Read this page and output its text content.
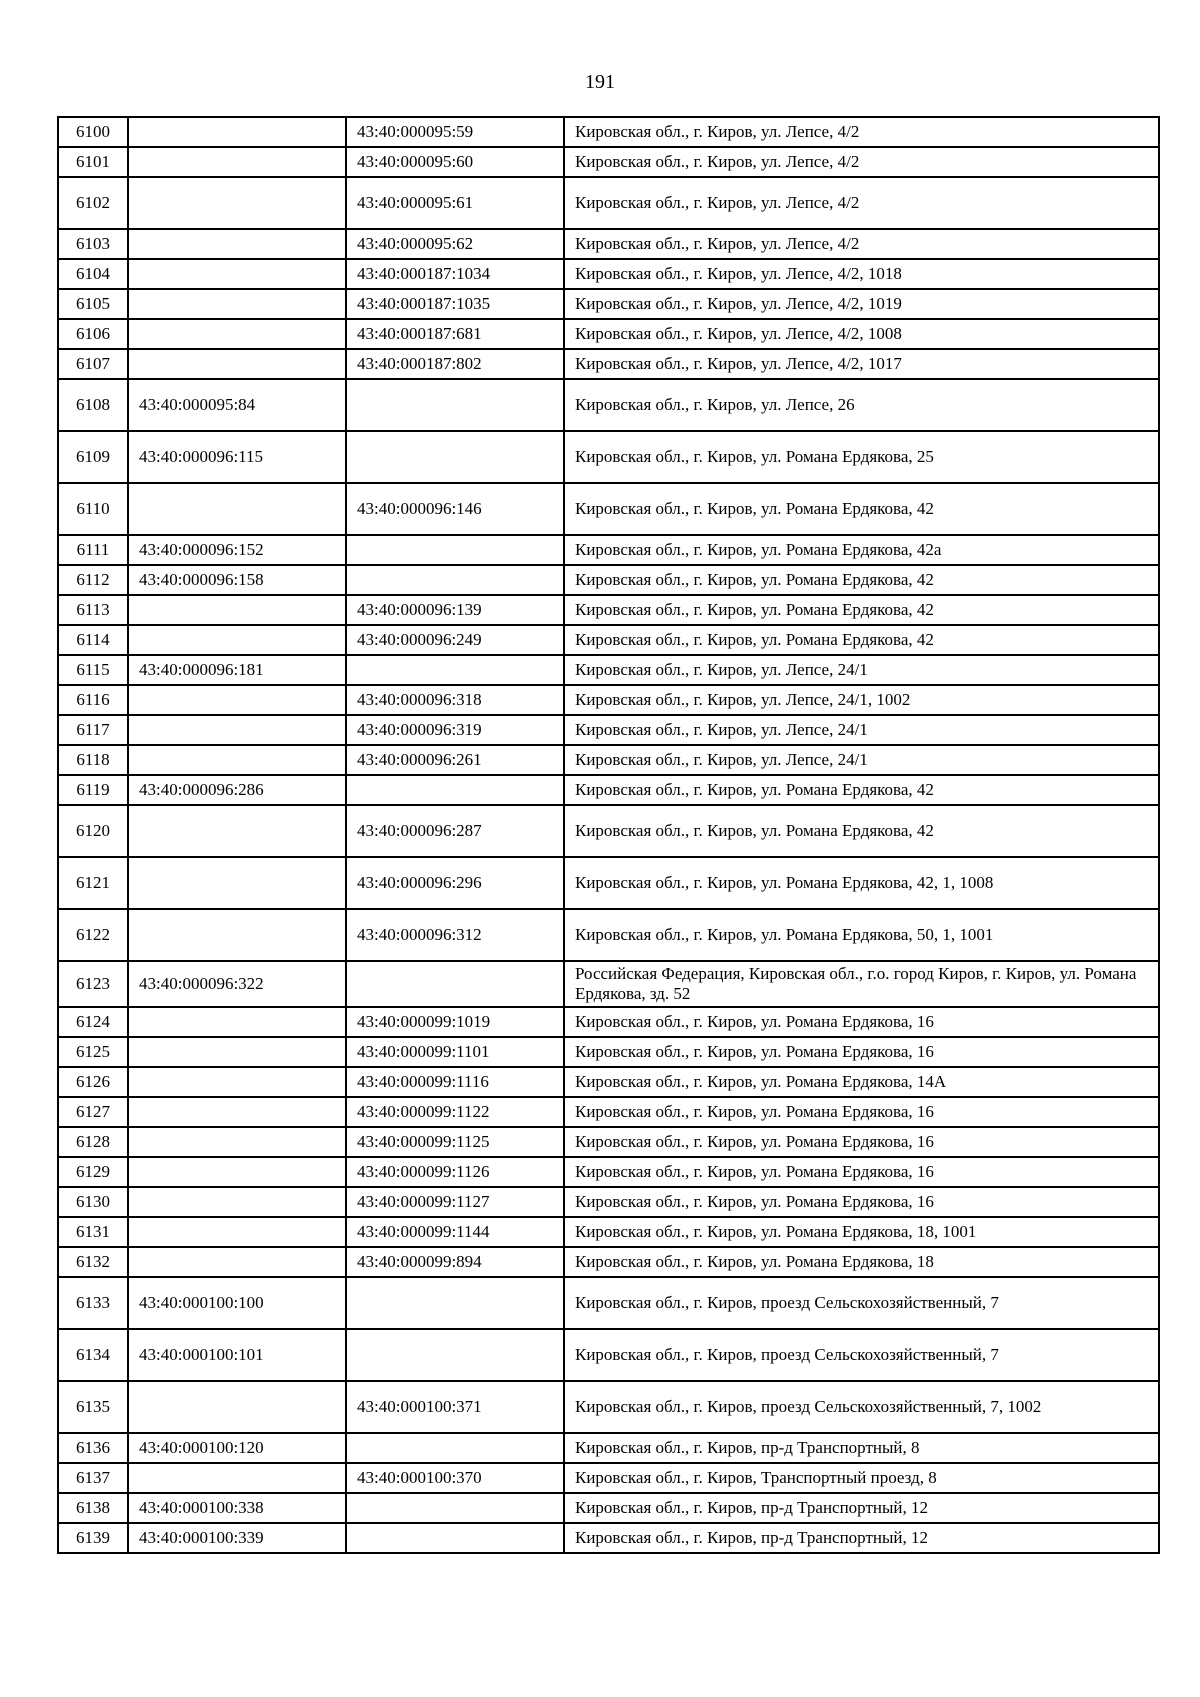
191
6100		43:40:000095:59	Кировская обл., г. Киров, ул. Лепсе, 4/2
6101		43:40:000095:60	Кировская обл., г. Киров, ул. Лепсе, 4/2
6102		43:40:000095:61	Кировская обл., г. Киров, ул. Лепсе, 4/2
6103		43:40:000095:62	Кировская обл., г. Киров, ул. Лепсе, 4/2
6104		43:40:000187:1034	Кировская обл., г. Киров, ул. Лепсе, 4/2, 1018
6105		43:40:000187:1035	Кировская обл., г. Киров, ул. Лепсе, 4/2, 1019
6106		43:40:000187:681	Кировская обл., г. Киров, ул. Лепсе, 4/2, 1008
6107		43:40:000187:802	Кировская обл., г. Киров, ул. Лепсе, 4/2, 1017
6108	43:40:000095:84		Кировская обл., г. Киров, ул. Лепсе, 26
6109	43:40:000096:115		Кировская обл., г. Киров, ул. Романа Ердякова, 25
6110		43:40:000096:146	Кировская обл., г. Киров, ул. Романа Ердякова, 42
6111	43:40:000096:152		Кировская обл., г. Киров, ул. Романа Ердякова, 42а
6112	43:40:000096:158		Кировская обл., г. Киров, ул. Романа Ердякова, 42
6113		43:40:000096:139	Кировская обл., г. Киров, ул. Романа Ердякова, 42
6114		43:40:000096:249	Кировская обл., г. Киров, ул. Романа Ердякова, 42
6115	43:40:000096:181		Кировская обл., г. Киров, ул. Лепсе, 24/1
6116		43:40:000096:318	Кировская обл., г. Киров, ул. Лепсе, 24/1, 1002
6117		43:40:000096:319	Кировская обл., г. Киров, ул. Лепсе, 24/1
6118		43:40:000096:261	Кировская обл., г. Киров, ул. Лепсе, 24/1
6119	43:40:000096:286		Кировская обл., г. Киров, ул. Романа Ердякова, 42
6120		43:40:000096:287	Кировская обл., г. Киров, ул. Романа Ердякова, 42
6121		43:40:000096:296	Кировская обл., г. Киров, ул. Романа Ердякова, 42, 1, 1008
6122		43:40:000096:312	Кировская обл., г. Киров, ул. Романа Ердякова, 50, 1, 1001
6123	43:40:000096:322		Российская Федерация, Кировская обл., г.о. город Киров, г. Киров, ул. Романа Ердякова, зд. 52
6124		43:40:000099:1019	Кировская обл., г. Киров, ул. Романа Ердякова, 16
6125		43:40:000099:1101	Кировская обл., г. Киров, ул. Романа Ердякова, 16
6126		43:40:000099:1116	Кировская обл., г. Киров, ул. Романа Ердякова, 14А
6127		43:40:000099:1122	Кировская обл., г. Киров, ул. Романа Ердякова, 16
6128		43:40:000099:1125	Кировская обл., г. Киров, ул. Романа Ердякова, 16
6129		43:40:000099:1126	Кировская обл., г. Киров, ул. Романа Ердякова, 16
6130		43:40:000099:1127	Кировская обл., г. Киров, ул. Романа Ердякова, 16
6131		43:40:000099:1144	Кировская обл., г. Киров, ул. Романа Ердякова, 18, 1001
6132		43:40:000099:894	Кировская обл., г. Киров, ул. Романа Ердякова, 18
6133	43:40:000100:100		Кировская обл., г. Киров, проезд Сельскохозяйственный, 7
6134	43:40:000100:101		Кировская обл., г. Киров, проезд Сельскохозяйственный, 7
6135		43:40:000100:371	Кировская обл., г. Киров, проезд Сельскохозяйственный, 7, 1002
6136	43:40:000100:120		Кировская обл., г. Киров, пр-д Транспортный, 8
6137		43:40:000100:370	Кировская обл., г. Киров, Транспортный проезд, 8
6138	43:40:000100:338		Кировская обл., г. Киров, пр-д Транспортный, 12
6139	43:40:000100:339		Кировская обл., г. Киров, пр-д Транспортный, 12
